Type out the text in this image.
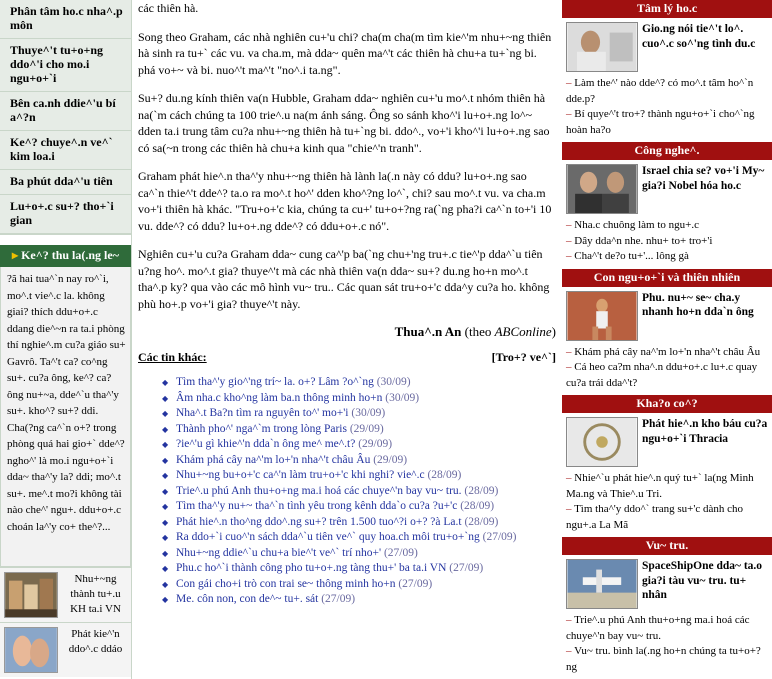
Phân tâm ho.c nha^.p môn
Thuye^'t tu+o+ng ddo^'i cho mo.i ngu+o+`i
Bên ca.nh ddie^'u bí a^?n
Ke^? chuye^.n ve^` kim loa.i
Ba phút dda^'u tiên
Lu+o+.c su+? tho+`i gian
▸ Ke^? thu la(.ng le~
?ã hai tua^`n nay ro^`i, mo^.t vie^.c la. không giai? thích ddu+o+.c ddang die^~n ra ta.i phòng thí nghie^.m cu?a giáo su+ Gavrô. Ta^'t ca? co^ng su+. cu?a ông, ke^? ca? ông nu+~a, dde^`u tha^'y su+. kho^? su+? ddi. Cha(?ng ca^`n o+? trong phòng quá hai gio+` dde^? ngho^' là mo.i ngu+o+`i dda~ tha^'y la? ddi; mo^.t su+. me^.t mo?i không tài nào che^' ngu+. ddu+o+.c choán la^'y co+ the^?...
Nhu+~ng thành tu+.u KH ta.i VN
Phát kie^'n ddo^.c ddáo

các thiên hà.

Song theo Graham, các nhà nghiên cu+'u chi? cha(m cha(m tìm kie^'m nhu+~ng thiên hà sinh ra tu+` các vu. va cha.m, mà dda~ quên ma^'t các thiên hà chu+a tu+`ng bi. phá vo+~ và bi. nuo^'t ma^'t "no^.i ta.ng".

Su+? du.ng kính thiên va(n Hubble, Graham dda~ nghiên cu+'u mo^.t nhóm thiên hà na(`m cách chúng ta 100 trie^.u na(m ánh sáng. Ông so sánh kho^'i lu+o+.ng lo^~ dden ta.i trung tâm cu?a nhu+~ng thiên hà tu+`ng bi. ddo^., vo+'i kho^'i lu+o+.ng sao có sa(~n trong các thiên hà chu+a kinh qua "chie^'n tranh".

Graham phát hie^.n tha^'y nhu+~ng thiên hà lành la(.n này có ddu? lu+o+.ng sao ca^`n thie^'t dde^? ta.o ra mo^.t ho^' dden kho^?ng lo^`, chi? sau mo^.t vu. va cha.m vo+'i thiên hà khác. "Tru+o+'c kia, chúng ta cu+' tu+o+?ng ra(`ng pha?i ca^`n to+'i 10 vu. dde^? có ddu? lu+o+.ng dde^? có ddu+o+.c nó".

Nghiên cu+'u cu?a Graham dda~ cung ca^'p ba(`ng chu+'ng tru+.c tie^'p dda^`u tiên u?ng ho^. mo^.t gia? thuye^'t mà các nhà thiên va(n dda~ su+? du.ng ho+n mo^.t tha^.p ky? qua vào các mô hình vu~ tru.. Các quan sát tru+o+'c dda^y cu?a ho. không phù ho+.p vo+'i gia? thuye^'t này.

Thua^.n An (theo ABConline)
Các tin khác:	[Tro+? ve^`]
◆ Tìm tha^'y gio^'ng trí~ la. o+? Lâm ?o^`ng (30/09)
◆ Âm nha.c kho^ng làm ba.n thông minh ho+n (30/09)
◆ Nha^.t Ba?n tìm ra nguyên to^' mo+'i (30/09)
◆ Thành pho^' nga^`m trong lòng Paris (29/09)
◆ ?ie^'u gì khie^'n dda`n ông me^ me^.t? (29/09)
◆ Khám phá cây na^'m lo+'n nha^'t châu Âu (29/09)
◆ Nhu+~ng bu+o+'c ca^'n làm tru+o+'c khi nghi? vie^.c (28/09)
◆ Trie^.u phú Anh thu+o+ng ma.i hoá các chuye^'n bay vu~ tru. (28/09)
◆ Tìm tha^'y nu+~ tha^`n tình yêu trong kênh dda`o cu?a ?u+'c (28/09)
◆ Phát hie^.n tho^ng ddo^.ng su+? trên 1.500 tuo^?i o+? ?à La.t (28/09)
◆ Ra ddo+`i cuo^'n sách dda^`u tiên ve^` quy hoa.ch môi tru+o+`ng (27/09)
◆ Nhu+~ng ddie^`u chu+a bie^'t ve^` trí nho+' (27/09)
◆ Phu.c ho^`i thành công pho tu+o+.ng tàng thu+' ba ta.i VN (27/09)
◆ Con gái cho+i trò con trai se~ thông minh ho+n (27/09)
◆ Me. côn non, con de^~ tu+. sát (27/09)
Tâm lý ho.c
Gio.ng nói tie^'t lo^. cuo^.c so^'ng tình du.c
– Làm the^' nào dde^? có mo^.t tâm ho^`n dde.p?
– Bí quye^'t tro+? thành ngu+o+`i cho^`ng hoàn ha?o
Công nghe^.
Israel chia se? vo+'i My~ gia?i Nobel hóa ho.c
– Nha.c chuông làm to ngu+.c
– Dây dda^n nhe. nhu+ to+ tro+'i
– Cha^'t de?o tu+'... lông gà
Con ngu+o+`i và thiên nhiên
Phu. nu+~ se~ cha.y nhanh ho+n dda`n ông
– Khám phá cây na^'m lo+'n nha^'t châu Âu
– Cá heo ca?m nha^.n ddu+o+.c lu+.c quay cu?a trái dda^'t?
Kha?o co^?
Phát hie^.n kho báu cu?a ngu+o+`i Thracia
– Nhie^`u phát hie^.n quý tu+` la(ng Minh Ma.ng và Thie^.u Tri.
– Tìm tha^'y ddo^` trang su+'c dành cho ngu+.a La Mã
Vu~ tru.
SpaceShipOne dda~ ta.o gia?i tàu vu~ tru. tu+ nhân
– Trie^.u phú Anh thu+o+ng ma.i hoá các chuye^'n bay vu~ tru.
– Vu~ tru. bình la(.ng ho+n chúng ta tu+o+?ng
